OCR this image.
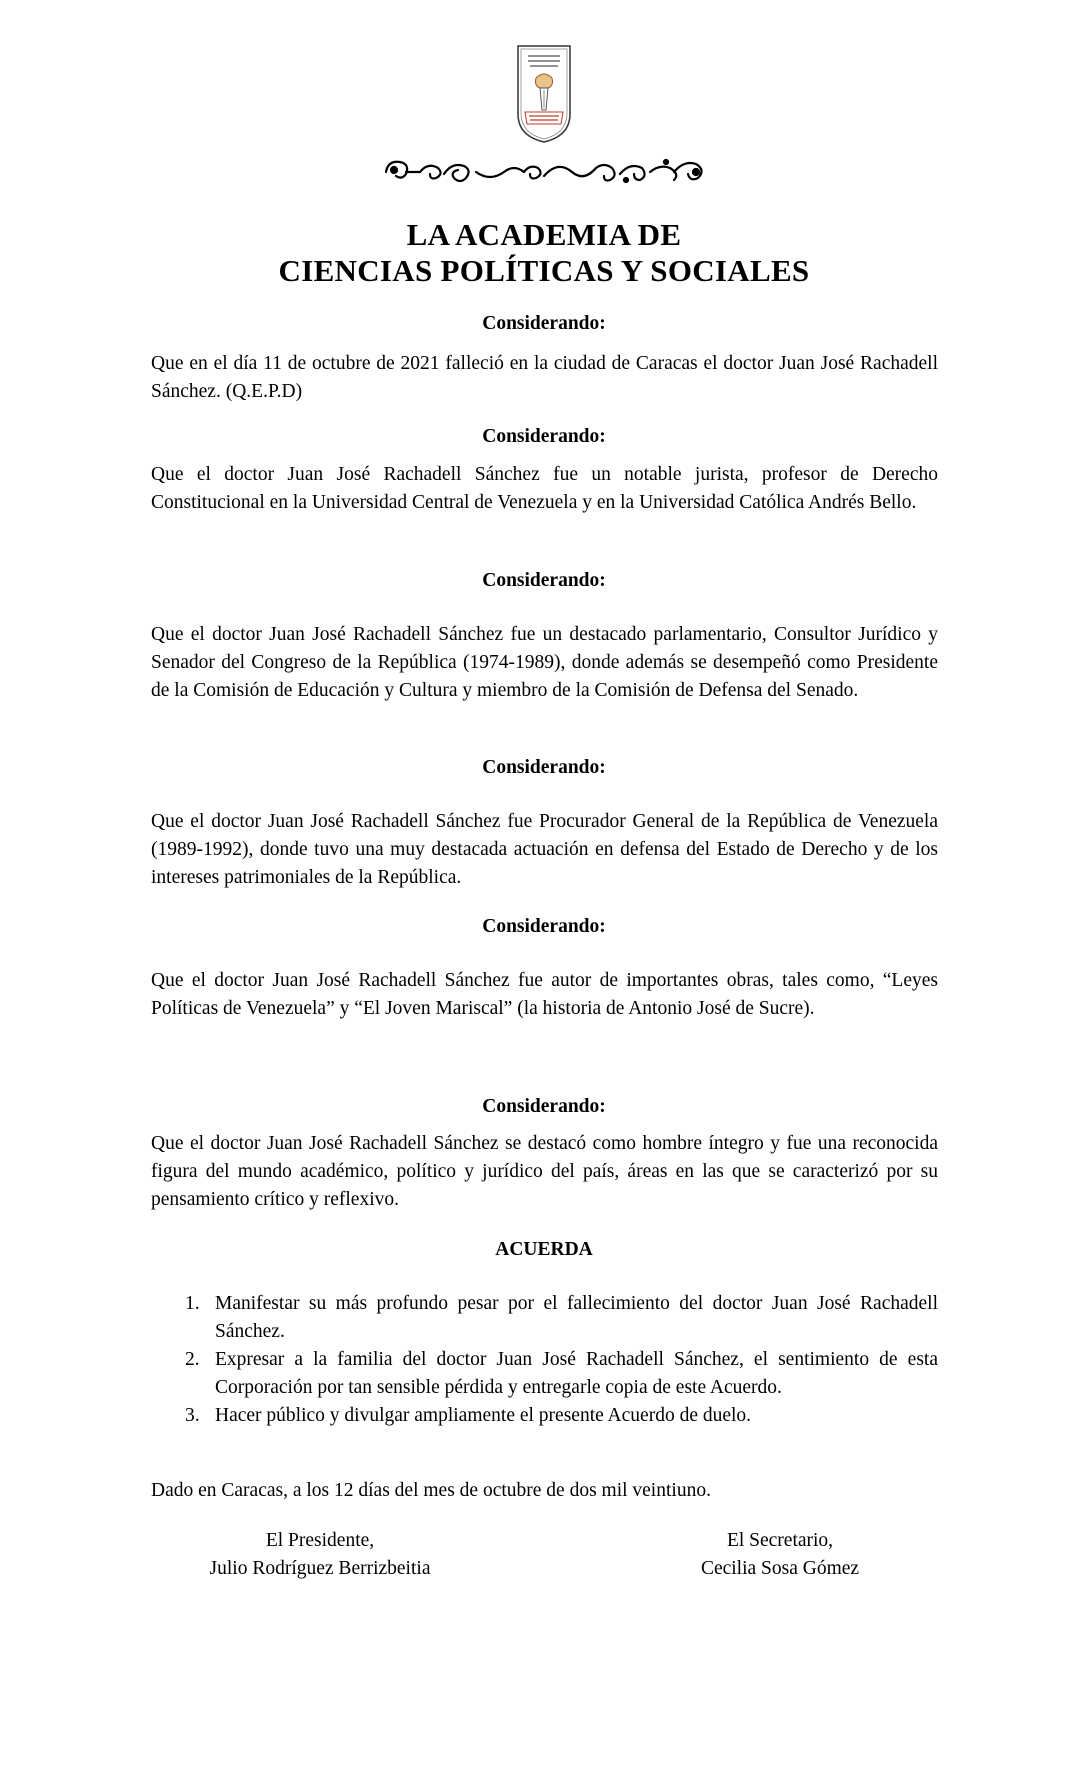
LA ACADEMIA DE
CIENCIAS POLÍTICAS Y SOCIALES
Considerando:
Que en el día 11 de octubre de 2021 falleció en la ciudad de Caracas el doctor Juan José Rachadell Sánchez. (Q.E.P.D)
Considerando:
Que el doctor Juan José Rachadell Sánchez fue un notable jurista, profesor de Derecho Constitucional en la Universidad Central de Venezuela y en la Universidad Católica Andrés Bello.
Considerando:
Que el doctor Juan José Rachadell Sánchez fue un destacado parlamentario, Consultor Jurídico y Senador del Congreso de la República (1974-1989), donde además se desempeñó como Presidente de la Comisión de Educación y Cultura y miembro de la Comisión de Defensa del Senado.
Considerando:
Que el doctor Juan José Rachadell Sánchez fue Procurador General de la República de Venezuela (1989-1992), donde tuvo una muy destacada actuación en defensa del Estado de Derecho y de los intereses patrimoniales de la República.
Considerando:
Que el doctor Juan José Rachadell Sánchez fue autor de importantes obras, tales como, “Leyes Políticas de Venezuela” y “El Joven Mariscal” (la historia de Antonio José de Sucre).
Considerando:
Que el doctor Juan José Rachadell Sánchez se destacó como hombre íntegro y fue una reconocida figura del mundo académico, político y jurídico del país, áreas en las que se caracterizó por su pensamiento crítico y reflexivo.
ACUERDA
1. Manifestar su más profundo pesar por el fallecimiento del doctor Juan José Rachadell Sánchez.
2. Expresar a la familia del doctor Juan José Rachadell Sánchez, el sentimiento de esta Corporación por tan sensible pérdida y entregarle copia de este Acuerdo.
3. Hacer público y divulgar ampliamente el presente Acuerdo de duelo.
Dado en Caracas, a los 12 días del mes de octubre de dos mil veintiuno.
El Presidente,
Julio Rodríguez Berrizbeitia
El Secretario,
Cecilia Sosa Gómez
